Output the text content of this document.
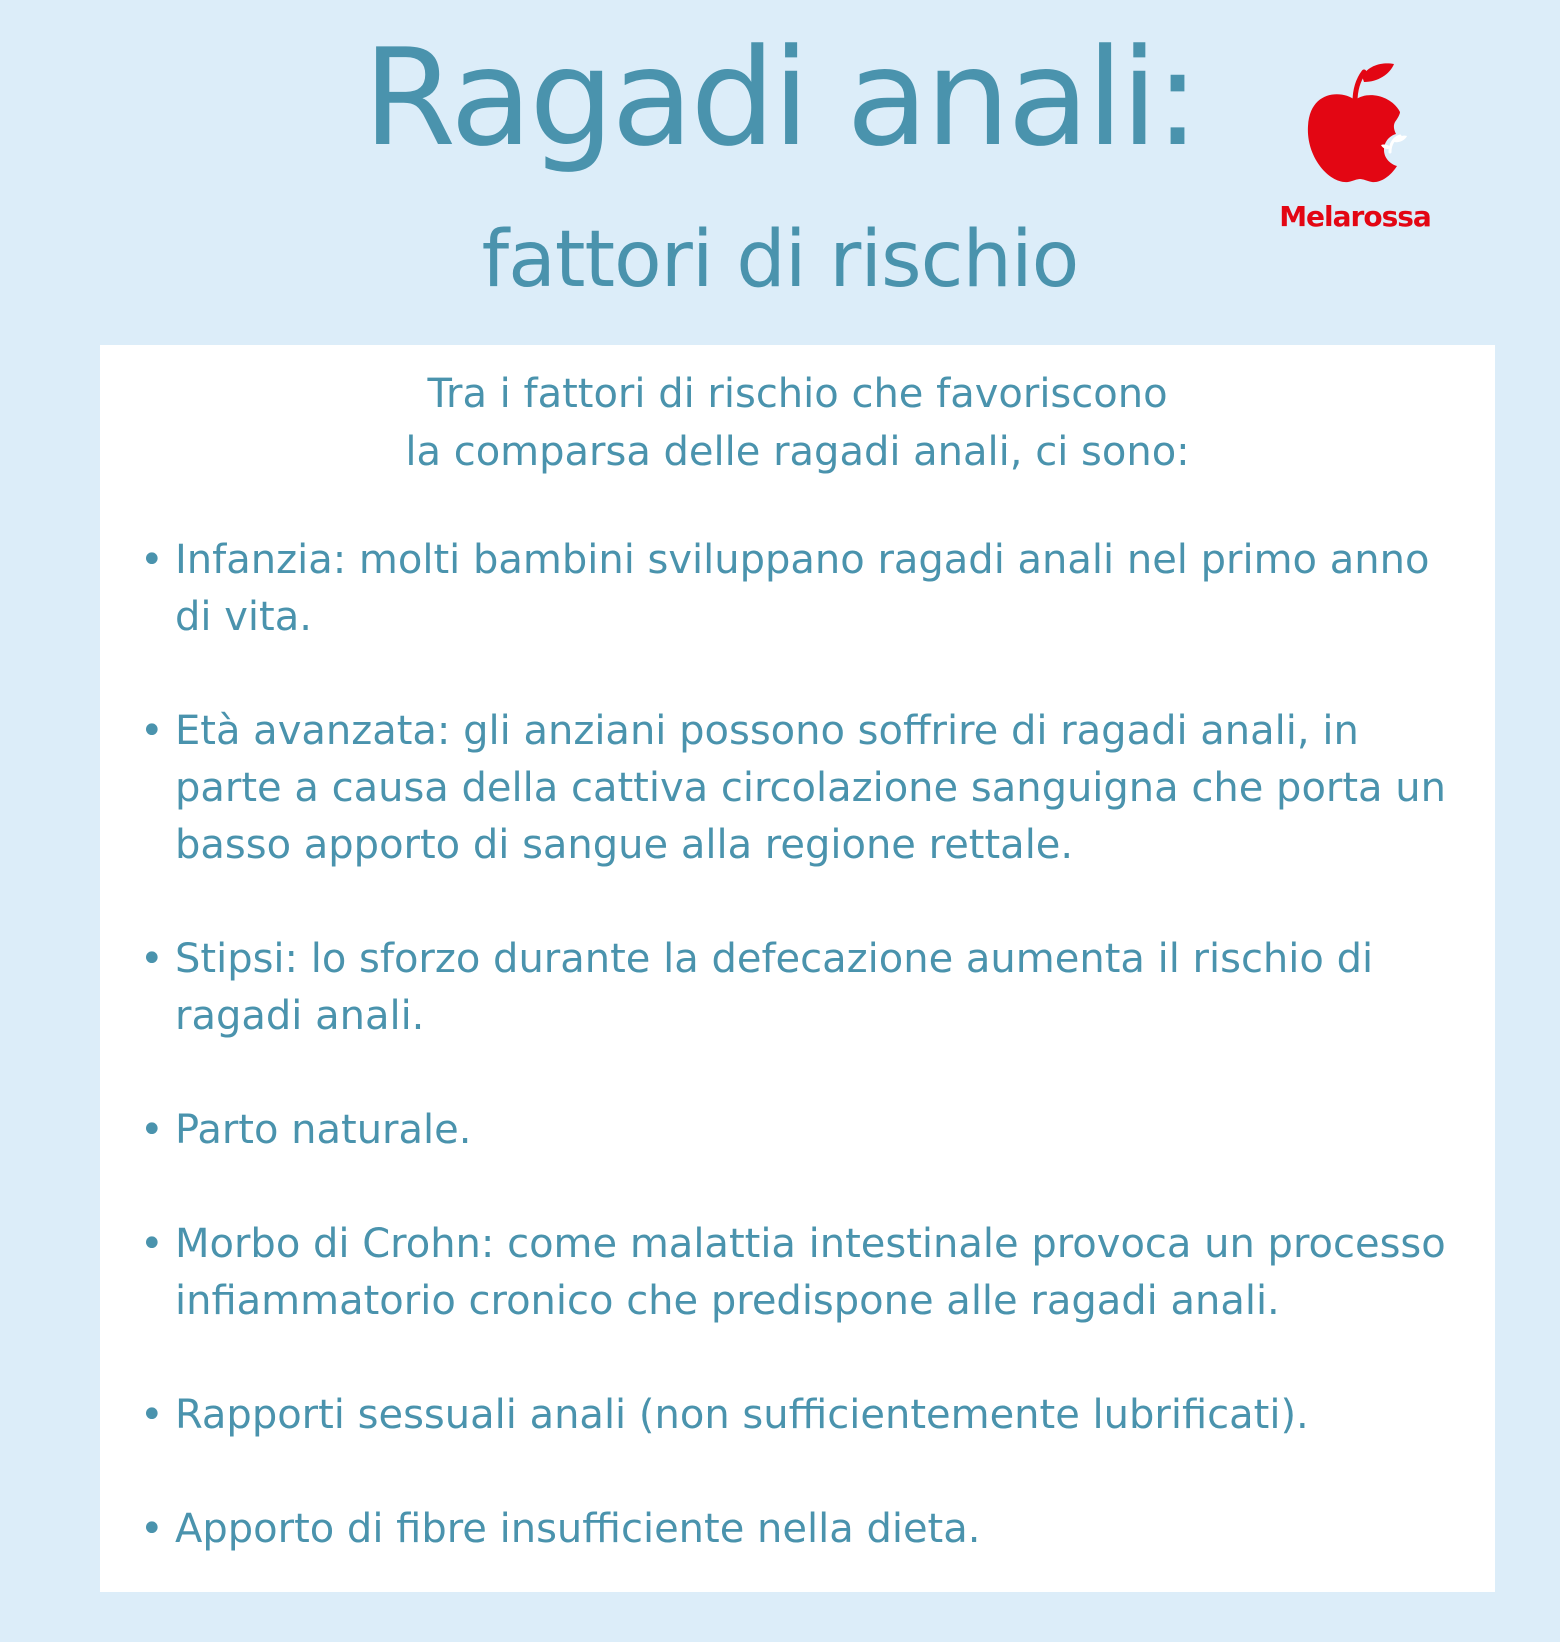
Ragadi anali:
fattori di rischio	Melarossa
Tra i fattori di rischio che favoriscono
la comparsa delle ragadi anali, ci sono:
• Infanzia: molti bambini sviluppano ragadi anali nel primo anno di vita.
• Età avanzata: gli anziani possono soffrire di ragadi anali, in parte a causa della cattiva circolazione sanguigna che porta un basso apporto di sangue alla regione rettale.
• Stipsi: lo sforzo durante la defecazione aumenta il rischio di ragadi anali.
• Parto naturale.
• Morbo di Crohn: come malattia intestinale provoca un processo infiammatorio cronico che predispone alle ragadi anali.
• Rapporti sessuali anali (non sufficientemente lubrificati).
• Apporto di fibre insufficiente nella dieta.
